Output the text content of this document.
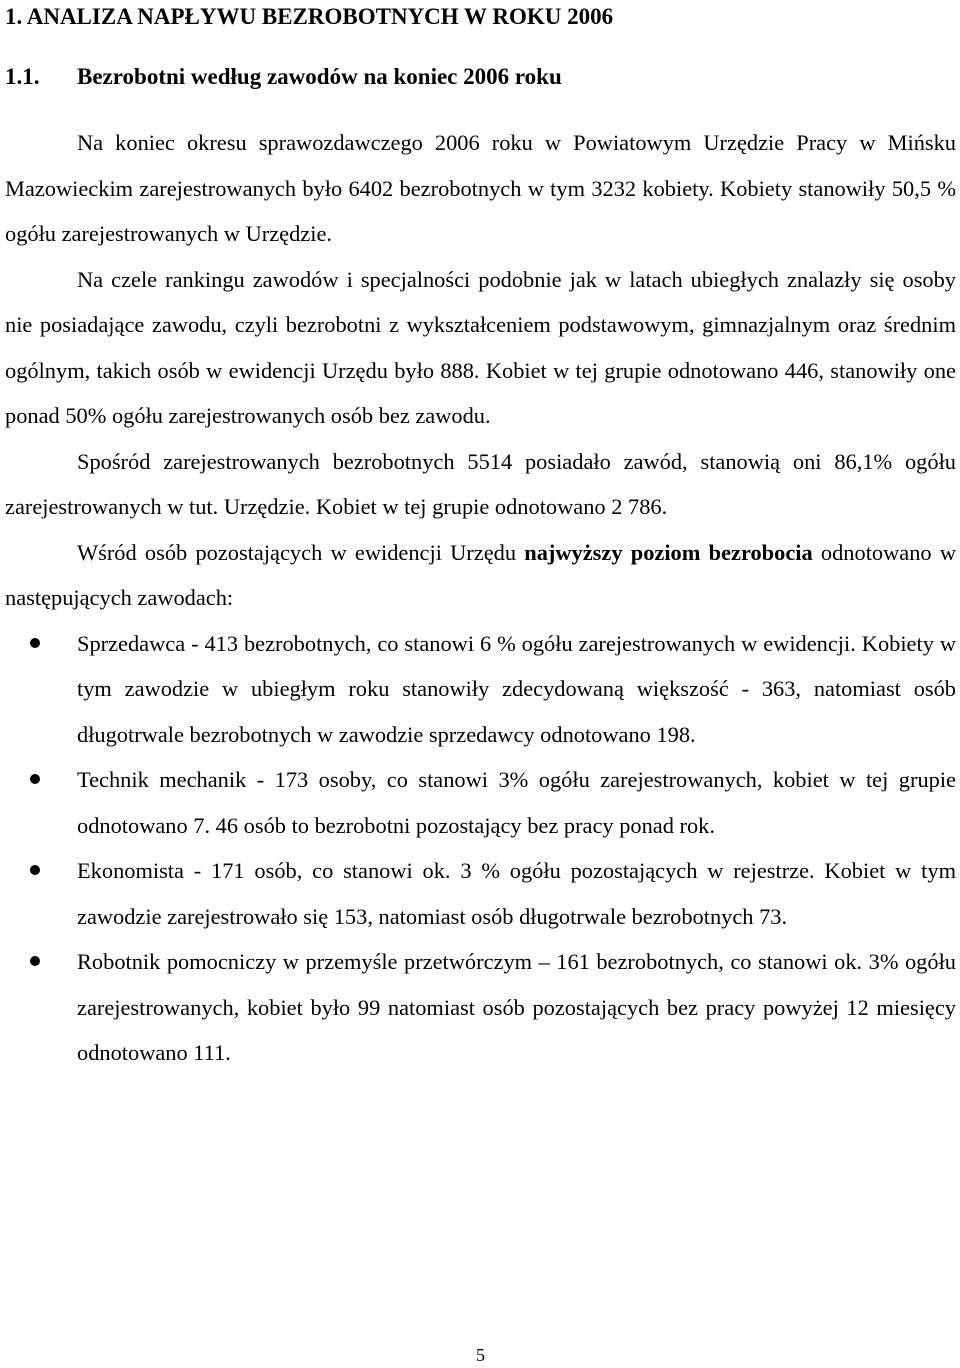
1. ANALIZA NAPŁYWU BEZROBOTNYCH W ROKU 2006
1.1. Bezrobotni według zawodów na koniec 2006 roku

Na koniec okresu sprawozdawczego 2006 roku w Powiatowym Urzędzie Pracy w Mińsku Mazowieckim zarejestrowanych było 6402 bezrobotnych w tym 3232 kobiety. Kobiety stanowiły 50,5 % ogółu zarejestrowanych w Urzędzie.

Na czele rankingu zawodów i specjalności podobnie jak w latach ubiegłych znalazły się osoby nie posiadające zawodu, czyli bezrobotni z wykształceniem podstawowym, gimnazjalnym oraz średnim ogólnym, takich osób w ewidencji Urzędu było 888. Kobiet w tej grupie odnotowano 446, stanowiły one ponad 50% ogółu zarejestrowanych osób bez zawodu.

Spośród zarejestrowanych bezrobotnych 5514 posiadało zawód, stanowią oni 86,1% ogółu zarejestrowanych w tut. Urzędzie. Kobiet w tej grupie odnotowano 2 786.

Wśród osób pozostających w ewidencji Urzędu najwyższy poziom bezrobocia odnotowano w następujących zawodach:

Sprzedawca - 413 bezrobotnych, co stanowi 6 % ogółu zarejestrowanych w ewidencji. Kobiety w tym zawodzie w ubiegłym roku stanowiły zdecydowaną większość - 363, natomiast osób długotrwale bezrobotnych w zawodzie sprzedawcy odnotowano 198.
Technik mechanik - 173 osoby, co stanowi 3% ogółu zarejestrowanych, kobiet w tej grupie odnotowano 7. 46 osób to bezrobotni pozostający bez pracy ponad rok.
Ekonomista - 171 osób, co stanowi ok. 3 % ogółu pozostających w rejestrze. Kobiet w tym zawodzie zarejestrowało się 153, natomiast osób długotrwale bezrobotnych 73.
Robotnik pomocniczy w przemyśle przetwórczym – 161 bezrobotnych, co stanowi ok. 3% ogółu zarejestrowanych, kobiet było 99 natomiast osób pozostających bez pracy powyżej 12 miesięcy odnotowano 111.
5
